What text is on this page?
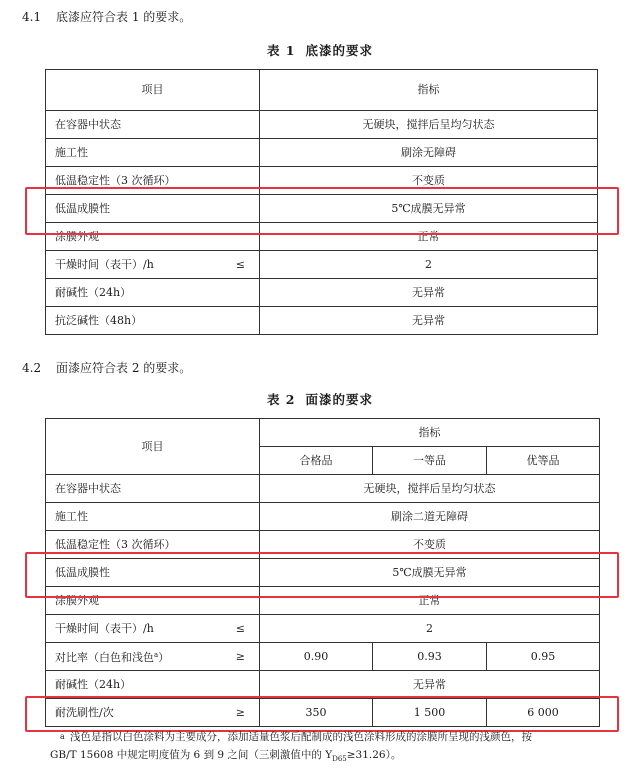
4.1 底漆应符合表 1 的要求。
表 1 底漆的要求
项目	指标
在容器中状态	无硬块，搅拌后呈均匀状态
施工性	刷涂无障碍
低温稳定性（3 次循环）	不变质
低温成膜性	5℃成膜无异常
涂膜外观	正常
干燥时间（表干）/h ≤	2
耐碱性（24h）	无异常
抗泛碱性（48h）	无异常
4.2 面漆应符合表 2 的要求。
表 2 面漆的要求
项目	指标		
	合格品	一等品	优等品
在容器中状态	无硬块，搅拌后呈均匀状态		
施工性	刷涂二道无障碍		
低温稳定性（3 次循环）	不变质		
低温成膜性	5℃成膜无异常		
涂膜外观	正常		
干燥时间（表干）/h ≤	2		
对比率（白色和浅色$^a$） ≥	0.90	0.93	0.95
耐碱性（24h）	无异常		
耐洗刷性/次 ≥	350	1 500	6 000
a 浅色是指以白色涂料为主要成分，添加适量色浆后配制成的浅色涂料形成的涂膜所呈现的浅颜色，按
GB/T 15608 中规定明度值为 6 到 9 之间（三刺激值中的 $Y_{D65}\ge 31.26$）。
